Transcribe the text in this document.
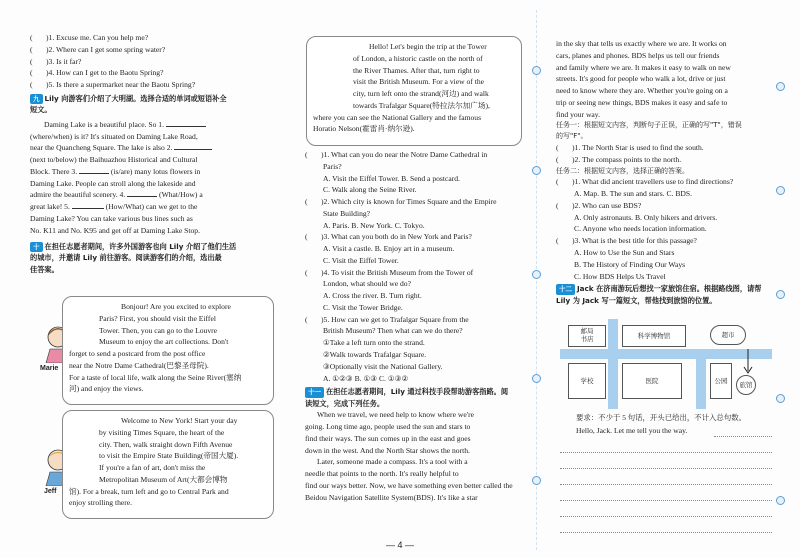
(	)1. Excuse me. Can you help me?
(	)2. Where can I get some spring water?
(	)3. Is it far?
(	)4. How can I get to the Baotu Spring?
(	)5. Is there a supermarket near the Baotu Spring?
九 Lily 向游客们介绍了大明湖。选择合适的单词或短语补全
短文。
Daming Lake is a beautiful place. So 1.
(where/when) is it? It's situated on Daming Lake Road,
near the Quancheng Square. The lake is also 2.
(next to/below) the Baihuazhou Historical and Cultural
Block. There 3.	(is/are) many lotus flowers in
Daming Lake. People can stroll along the lakeside and
admire the beautiful scenery. 4.	(What/How) a
great lake! 5.	(How/What) can we get to the
Daming Lake? You can take various bus lines such as
No. K11 and No. K95 and get off at Daming Lake Stop.
十 在担任志愿者期间，许多外国游客也向 Lily 介绍了他们生活
的城市，并邀请 Lily 前往游客。阅读游客们的介绍，选出最
佳答案。
Marie
Bonjour! Are you excited to explore
Paris? First, you should visit the Eiffel
Tower. Then, you can go to the Louvre
Museum to enjoy the art collections. Don't
forget to send a postcard from the post office
near the Notre Dame Cathedral(巴黎圣母院).
For a taste of local life, walk along the Seine River(塞纳
河) and enjoy the views.
Jeff
Welcome to New York! Start your day
by visiting Times Square, the heart of the
city. Then, walk straight down Fifth Avenue
to visit the Empire State Building(帝国大厦).
If you're a fan of art, don't miss the
Metropolitan Museum of Art(大都会博物
馆). For a break, turn left and go to Central Park and
enjoy strolling there.
Hello! Let's begin the trip at the Tower
of London, a historic castle on the north of
the River Thames. After that, turn right to
visit the British Museum. For a view of the
city, turn left onto the strand(河边) and walk
towards Trafalgar Square(特拉法尔加广场),
where you can see the National Gallery and the famous
Horatio Nelson(霍雷肖·纳尔逊).
(	)1. What can you do near the Notre Dame Cathedral in
Paris?
A. Visit the Eiffel Tower. B. Send a postcard.
C. Walk along the Seine River.
(	)2. Which city is known for Times Square and the Empire
State Building?
A. Paris. B. New York. C. Tokyo.
(	)3. What can you both do in New York and Paris?
A. Visit a castle. B. Enjoy art in a museum.
C. Visit the Eiffel Tower.
(	)4. To visit the British Museum from the Tower of
London, what should we do?
A. Cross the river. B. Turn right.
C. Visit the Tower Bridge.
(	)5. How can we get to Trafalgar Square from the
British Museum? Then what can we do there?
①Take a left turn onto the strand.
②Walk towards Trafalgar Square.
③Optionally visit the National Gallery.
A. ①②③ B. ①③ C. ①③②
十一 在担任志愿者期间，Lily 通过科技手段帮助游客指路。阅
读短文，完成下列任务。
When we travel, we need help to know where we're
going. Long time ago, people used the sun and stars to
find their ways. The sun comes up in the east and goes
down in the west. And the North Star shows the north.
Later, someone made a compass. It's a tool with a
needle that points to the north. It's really helpful to
find our ways better. Now, we have something even better called the
Beidou Navigation Satellite System(BDS). It's like a star
in the sky that tells us exactly where we are. It works on
cars, planes and phones. BDS helps us tell our friends
and family where we are. It makes it easy to walk on new
streets. It's good for people who walk a lot, drive or just
need to know where they are. Whether you're going on a
trip or seeing new things, BDS makes it easy and safe to
find your way.
任务一：根据短文内容，判断句子正误，正确的写"T"，错误
的写"F"。
(	)1. The North Star is used to find the south.
(	)2. The compass points to the north.
任务二：根据短文内容，选择正确的答案。
(	)1. What did ancient travellers use to find directions?
A. Map. B. The sun and stars. C. BDS.
(	)2. Who can use BDS?
A. Only astronauts. B. Only hikers and drivers.
C. Anyone who needs location information.
(	)3. What is the best title for this passage?
A. How to Use the Sun and Stars
B. The History of Finding Our Ways
C. How BDS Helps Us Travel
十二 Jack 在济南游玩后想找一家旅馆住宿。根据路线图，请帮
Lily 为 Jack 写一篇短文，帮他找到旅馆的位置。
邮局
书店	科学博物馆	超市
学校	医院	公园	旅馆
要求：不少于 5 句话，开头已给出，不计入总句数。
Hello, Jack. Let me tell you the way.
— 4 —
